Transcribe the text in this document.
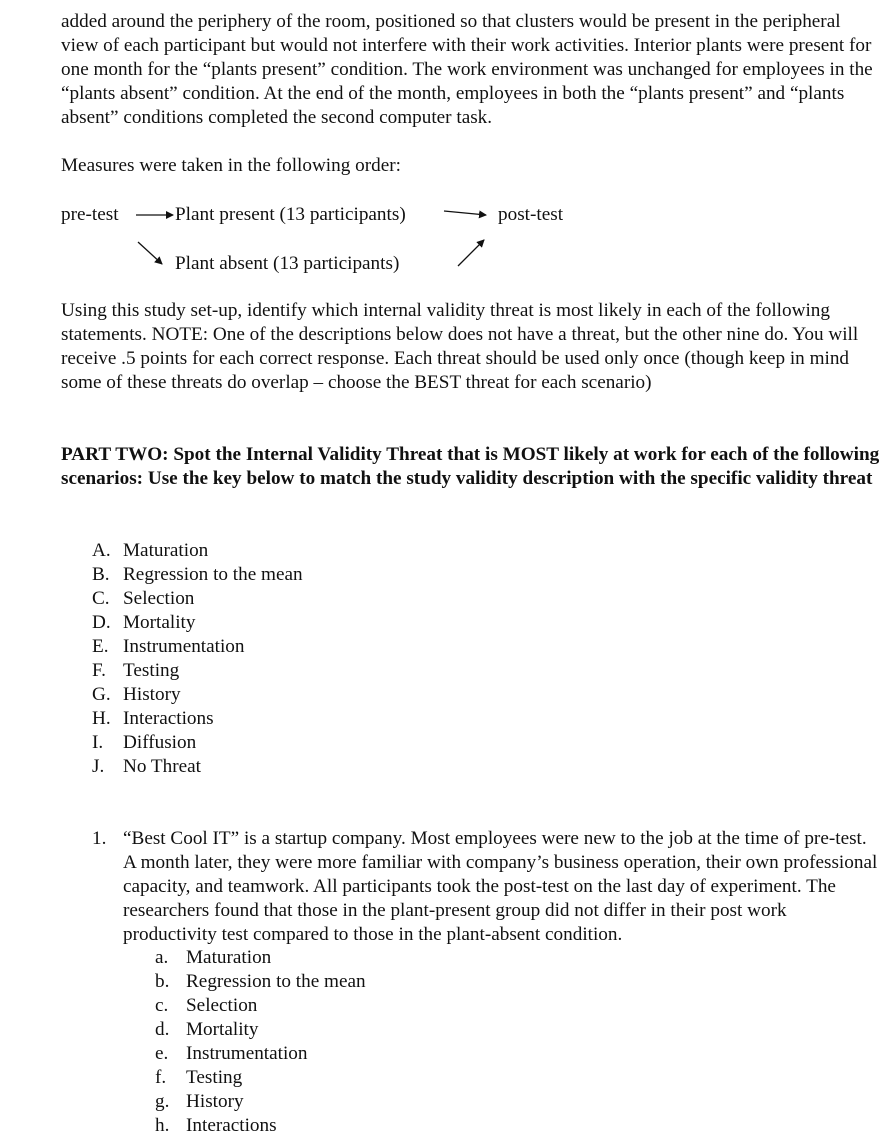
added around the periphery of the room, positioned so that clusters would be present in the peripheral view of each participant but would not interfere with their work activities. Interior plants were present for one month for the “plants present” condition. The work environment was unchanged for employees in the “plants absent” condition. At the end of the month, employees in both the “plants present” and “plants absent” conditions completed the second computer task.

Measures were taken in the following order:

pre-test	Plant present (13 participants)
Plant absent (13 participants)
post-test

Using this study set-up, identify which internal validity threat is most likely in each of the following statements. NOTE: One of the descriptions below does not have a threat, but the other nine do. You will receive .5 points for each correct response. Each threat should be used only once (though keep in mind some of these threats do overlap – choose the BEST threat for each scenario)

PART TWO: Spot the Internal Validity Threat that is MOST likely at work for each of the following scenarios: Use the key below to match the study validity description with the specific validity threat

A. Maturation
B. Regression to the mean
C. Selection
D. Mortality
E. Instrumentation
F. Testing
G. History
H. Interactions
I. Diffusion
J. No Threat
1. “Best Cool IT” is a startup company. Most employees were new to the job at the time of pre-test. A month later, they were more familiar with company’s business operation, their own professional capacity, and teamwork. All participants took the post-test on the last day of experiment. The researchers found that those in the plant-present group did not differ in their post work productivity test compared to those in the plant-absent condition.

a. Maturation
b. Regression to the mean
c. Selection
d. Mortality
e. Instrumentation
f. Testing
g. History
h. Interactions
